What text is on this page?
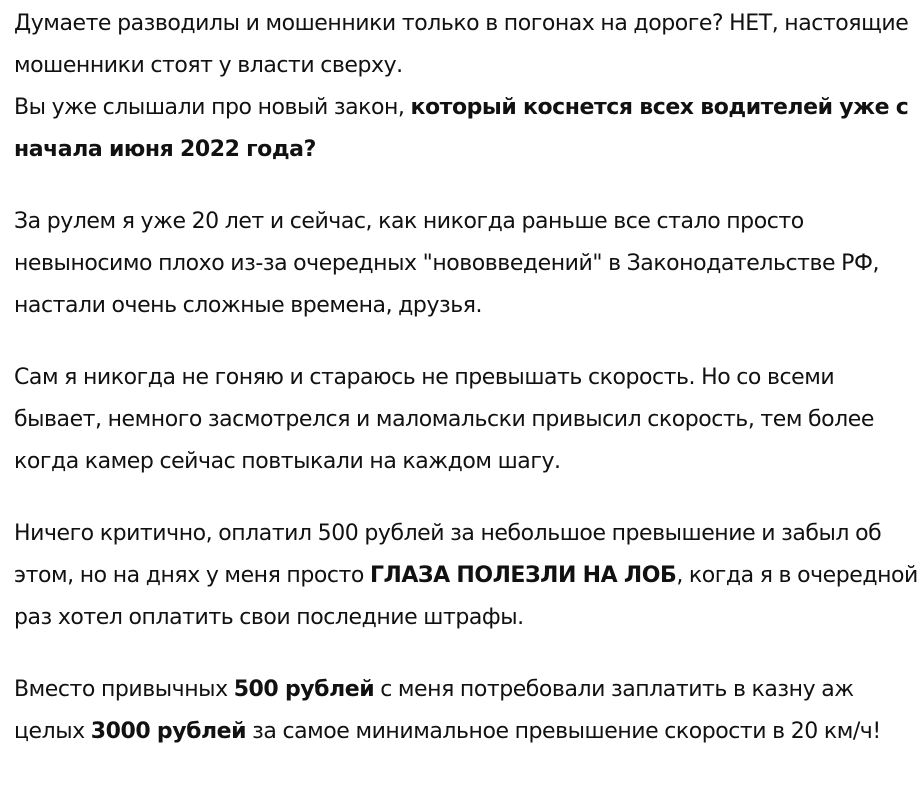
Думаете разводилы и мошенники только в погонах на дороге? НЕТ, настоящие мошенники стоят у власти сверху.
Вы уже слышали про новый закон, который коснется всех водителей уже с начала июня 2022 года?

За рулем я уже 20 лет и сейчас, как никогда раньше все стало просто невыносимо плохо из-за очередных "нововведений" в Законодательстве РФ, настали очень сложные времена, друзья.

Сам я никогда не гоняю и стараюсь не превышать скорость. Но со всеми бывает, немного засмотрелся и маломальски привысил скорость, тем более когда камер сейчас повтыкали на каждом шагу.

Ничего критично, оплатил 500 рублей за небольшое превышение и забыл об этом, но на днях у меня просто ГЛАЗА ПОЛЕЗЛИ НА ЛОБ, когда я в очередной раз хотел оплатить свои последние штрафы.

Вместо привычных 500 рублей с меня потребовали заплатить в казну аж целых 3000 рублей за самое минимальное превышение скорости в 20 км/ч!
